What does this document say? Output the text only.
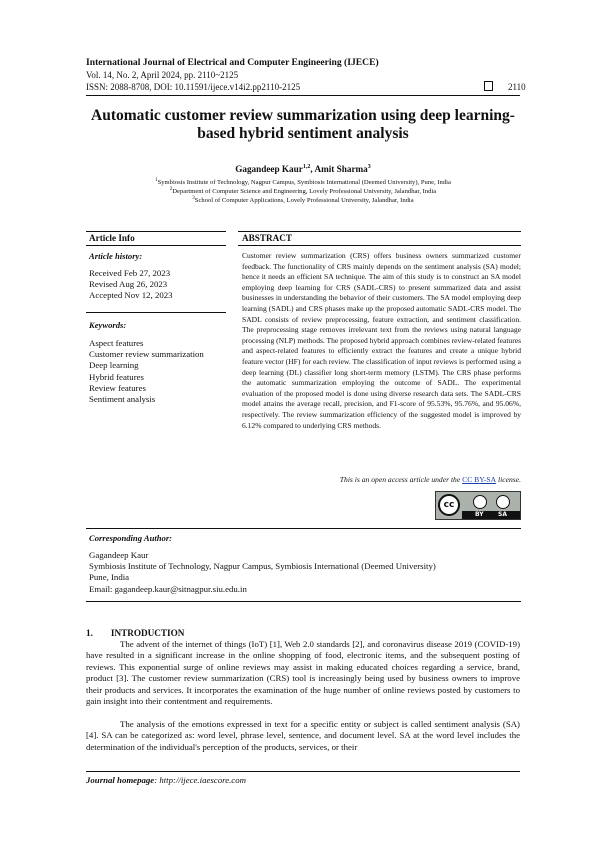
International Journal of Electrical and Computer Engineering (IJECE)
Vol. 14, No. 2, April 2024, pp. 2110~2125
ISSN: 2088-8708, DOI: 10.11591/ijece.v14i2.pp2110-2125	2110
Automatic customer review summarization using deep learning-
based hybrid sentiment analysis
Gagandeep Kaur$^{1,2}$, Amit Sharma$^3$
$^1$Symbiosis Institute of Technology, Nagpur Campus, Symbiosis International (Deemed University), Pune, India
$^2$Department of Computer Science and Engineering, Lovely Professional University, Jalandhar, India
$^3$School of Computer Applications, Lovely Professional University, Jalandhar, India
Article Info
Article history:
Received Feb 27, 2023
Revised Aug 26, 2023
Accepted Nov 12, 2023
Keywords:
Aspect features
Customer review summarization
Deep learning
Hybrid features
Review features
Sentiment analysis
ABSTRACT
Customer review summarization (CRS) offers business owners summarized customer feedback. The functionality of CRS mainly depends on the sentiment analysis (SA) model; hence it needs an efficient SA technique. The aim of this study is to construct an SA model employing deep learning for CRS (SADL-CRS) to present summarized data and assist businesses in understanding the behavior of their customers. The SA model employing deep learning (SADL) and CRS phases make up the proposed automatic SADL-CRS model. The SADL consists of review preprocessing, feature extraction, and sentiment classification. The preprocessing stage removes irrelevant text from the reviews using natural language processing (NLP) methods. The proposed hybrid approach combines review-related features and aspect-related features to efficiently extract the features and create a unique hybrid feature vector (HF) for each review. The classification of input reviews is performed using a deep learning (DL) classifier long short-term memory (LSTM). The CRS phase performs the automatic summarization employing the outcome of SADL. The experimental evaluation of the proposed model is done using diverse research data sets. The SADL-CRS model attains the average recall, precision, and F1-score of 95.53%, 95.76%, and 95.06%, respectively. The review summarization efficiency of the suggested model is improved by 6.12% compared to underlying CRS methods.
This is an open access article under the CC BY-SA license.
cc
BY SA
Corresponding Author:
Gagandeep Kaur
Symbiosis Institute of Technology, Nagpur Campus, Symbiosis International (Deemed University)
Pune, India
Email: gagandeep.kaur@sitnagpur.siu.edu.in
1. INTRODUCTION

The advent of the internet of things (IoT) [1], Web 2.0 standards [2], and coronavirus disease 2019 (COVID-19) have resulted in a significant increase in the online shopping of food, electronic items, and the subsequent posting of reviews. This exponential surge of online reviews may assist in making educated choices regarding a service, brand, product [3]. The customer review summarization (CRS) tool is increasingly being used by business owners to improve their products and services. It incorporates the examination of the huge number of online reviews posted by customers to gain insight into their contentment and requirements.

The analysis of the emotions expressed in text for a specific entity or subject is called sentiment analysis (SA) [4]. SA can be categorized as: word level, phrase level, sentence, and document level. SA at the word level includes the determination of the individual's perception of the products, services, or their

Journal homepage: http://ijece.iaescore.com
